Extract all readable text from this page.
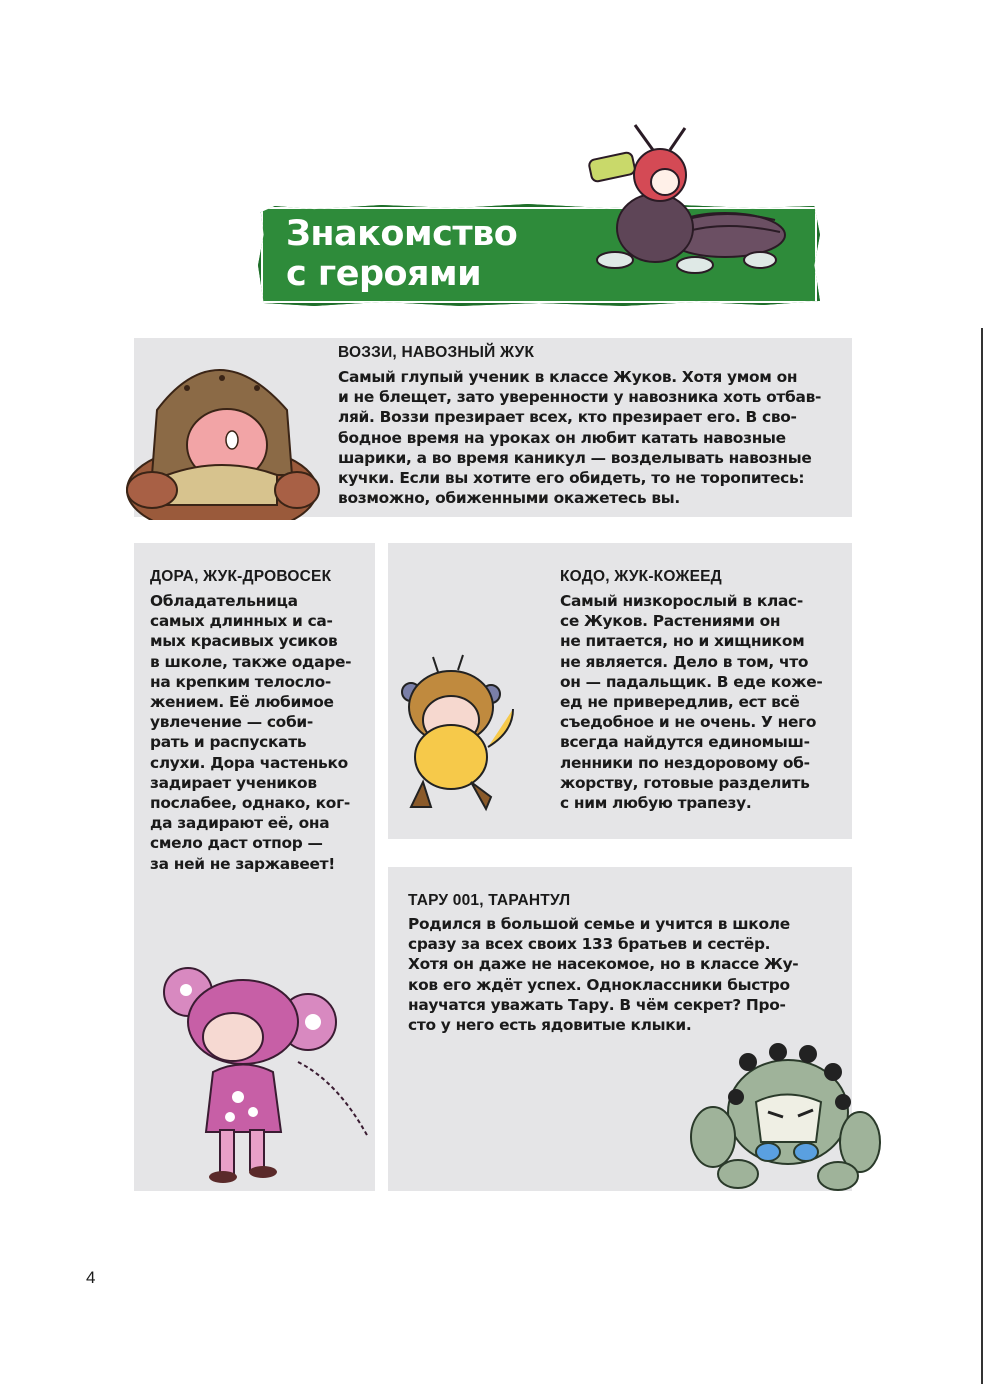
Знакомство
с героями
ВОЗЗИ, НАВОЗНЫЙ ЖУК
Самый глупый ученик в классе Жуков. Хотя умом он
и не блещет, зато уверенности у навозника хоть отбав-
ляй. Воззи презирает всех, кто презирает его. В сво-
бодное время на уроках он любит катать навозные
шарики, а во время каникул — возделывать навозные
кучки. Если вы хотите его обидеть, то не торопитесь:
возможно, обиженными окажетесь вы.
ДОРА, ЖУК-ДРОВОСЕК
Обладательница
самых длинных и са-
мых красивых усиков
в школе, также одаре-
на крепким телосло-
жением. Её любимое
увлечение — соби-
рать и распускать
слухи. Дора частенько
задирает учеников
послабее, однако, ког-
да задирают её, она
смело даст отпор —
за ней не заржавеет!
КОДО, ЖУК-КОЖЕЕД
Самый низкорослый в клас-
се Жуков. Растениями он
не питается, но и хищником
не является. Дело в том, что
он — падальщик. В еде коже-
ед не привередлив, ест всё
съедобное и не очень. У него
всегда найдутся единомыш-
ленники по нездоровому об-
жорству, готовые разделить
с ним любую трапезу.
ТАРУ 001, ТАРАНТУЛ
Родился в большой семье и учится в школе
сразу за всех своих 133 братьев и сестёр.
Хотя он даже не насекомое, но в классе Жу-
ков его ждёт успех. Одноклассники быстро
научатся уважать Тару. В чём секрет? Про-
сто у него есть ядовитые клыки.
4
